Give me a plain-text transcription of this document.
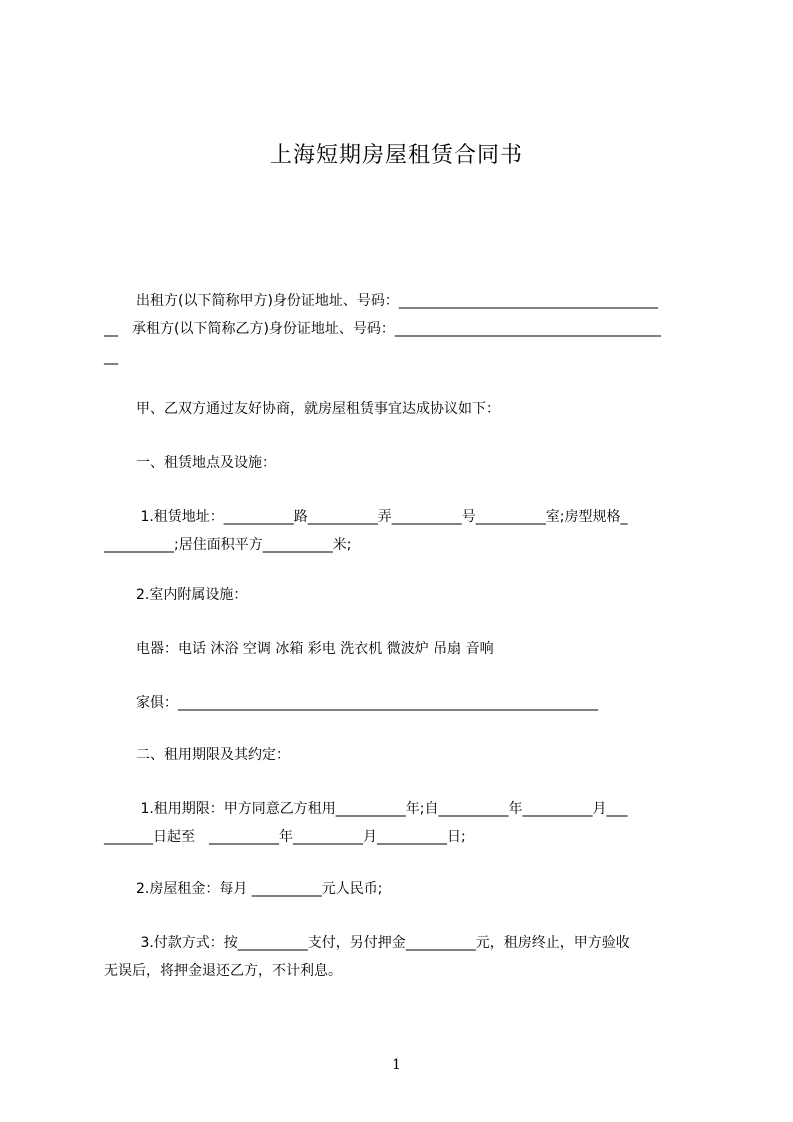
上海短期房屋租赁合同书
出租方(以下简称甲方)身份证地址、号码：_____________________________________
__　承租方(以下简称乙方)身份证地址、号码：______________________________________
__
甲、乙双方通过友好协商，就房屋租赁事宜达成协议如下：
一、租赁地点及设施：
1.租赁地址：__________路__________弄__________号__________室;房型规格_
__________;居住面积平方__________米;
2.室内附属设施：
电器：电话 沐浴 空调 冰箱 彩电 洗衣机 微波炉 吊扇 音响
家俱：____________________________________________________________
二、租用期限及其约定：
1.租用期限：甲方同意乙方租用__________年;自__________年__________月___
_______日起至　__________年__________月__________日;
2.房屋租金：每月 __________元人民币;
3.付款方式：按__________支付，另付押金__________元，租房终止，甲方验收
无误后，将押金退还乙方，不计利息。
1
